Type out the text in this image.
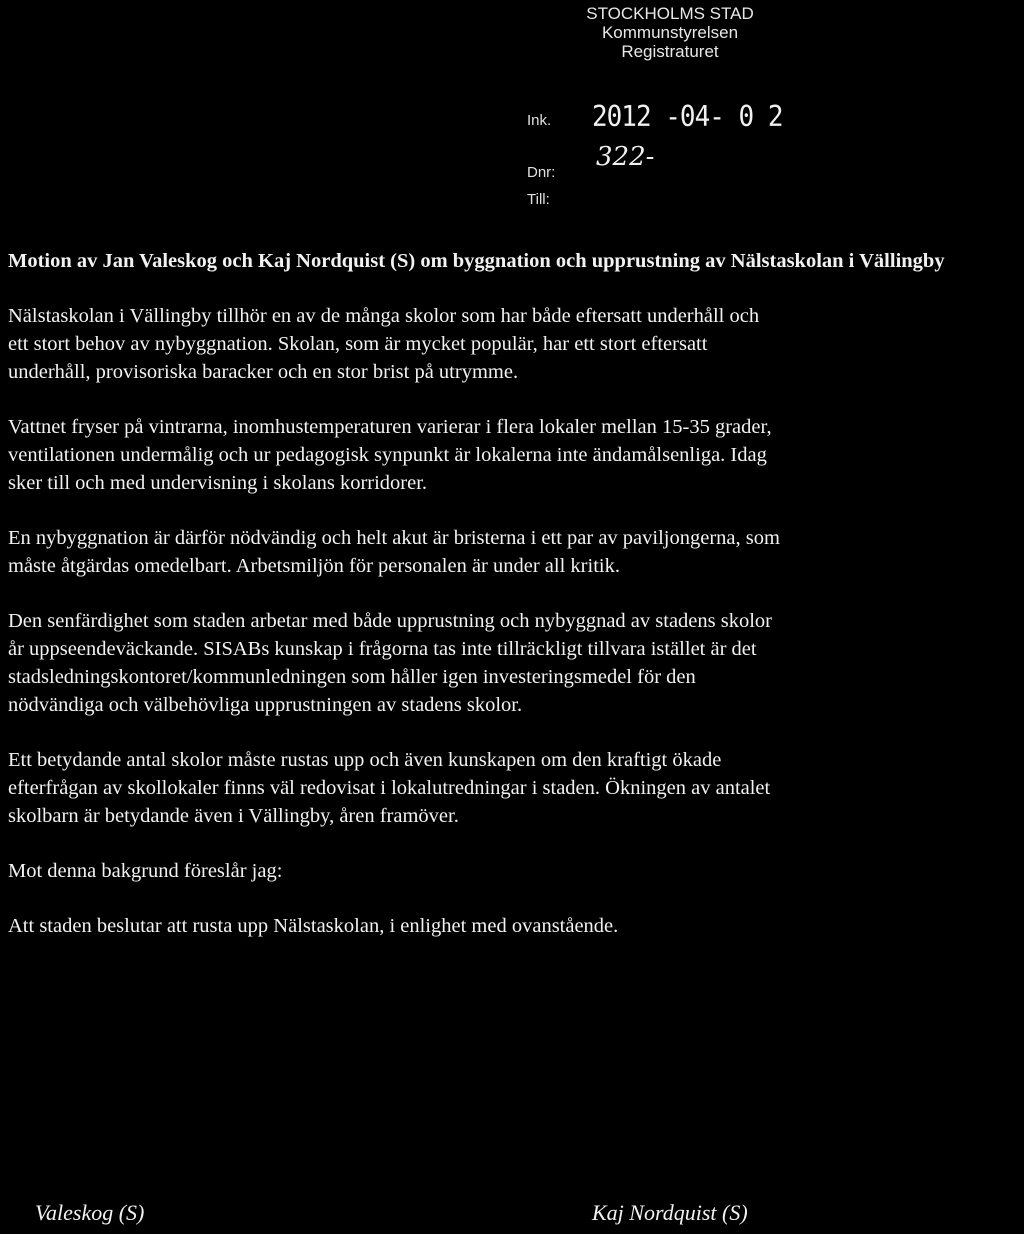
STOCKHOLMS STAD
Kommunstyrelsen
Registraturet
Ink. 2012 -04- 0 2
Dnr:
322-
Till:
Motion av Jan Valeskog och Kaj Nordquist (S) om byggnation och upprustning av Nälstaskolan i Vällingby

Nälstaskolan i Vällingby tillhör en av de många skolor som har både eftersatt underhåll och
ett stort behov av nybyggnation. Skolan, som är mycket populär, har ett stort eftersatt
underhåll, provisoriska baracker och en stor brist på utrymme.

Vattnet fryser på vintrarna, inomhustemperaturen varierar i flera lokaler mellan 15-35 grader,
ventilationen undermålig och ur pedagogisk synpunkt är lokalerna inte ändamålsenliga. Idag
sker till och med undervisning i skolans korridorer.

En nybyggnation är därför nödvändig och helt akut är bristerna i ett par av paviljongerna, som
måste åtgärdas omedelbart. Arbetsmiljön för personalen är under all kritik.

Den senfärdighet som staden arbetar med både upprustning och nybyggnad av stadens skolor
år uppseendeväckande. SISABs kunskap i frågorna tas inte tillräckligt tillvara istället är det
stadsledningskontoret/kommunledningen som håller igen investeringsmedel för den
nödvändiga och välbehövliga upprustningen av stadens skolor.

Ett betydande antal skolor måste rustas upp och även kunskapen om den kraftigt ökade
efterfrågan av skollokaler finns väl redovisat i lokalutredningar i staden. Ökningen av antalet
skolbarn är betydande även i Vällingby, åren framöver.

Mot denna bakgrund föreslår jag:

Att staden beslutar att rusta upp Nälstaskolan, i enlighet med ovanstående.

Valeskog (S)	Kaj Nordquist (S)
